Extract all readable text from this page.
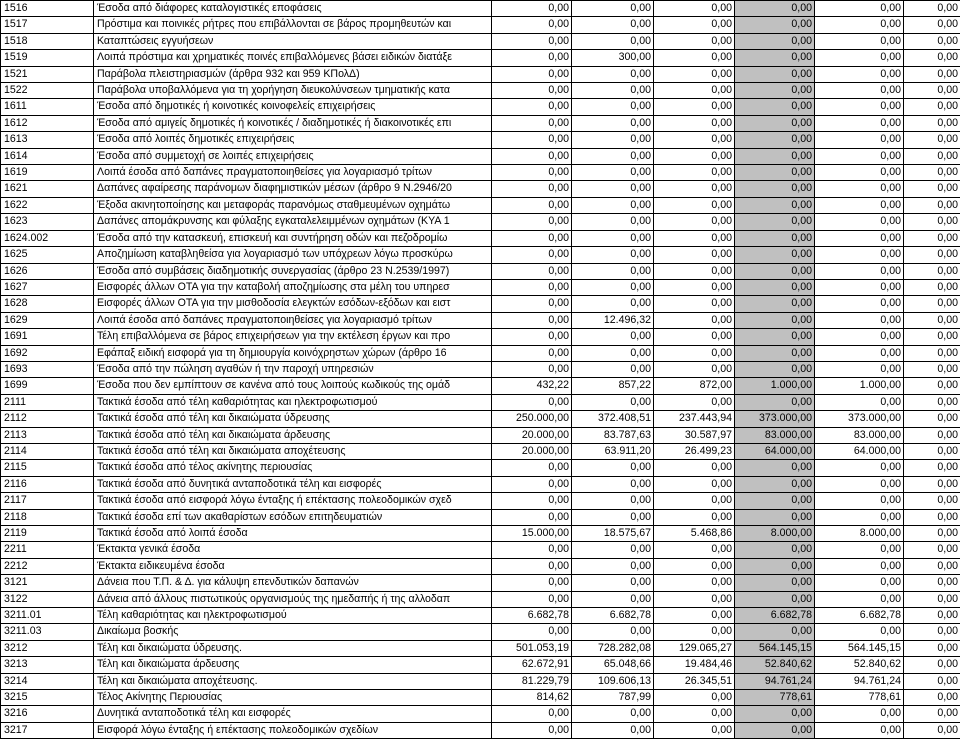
1516	Έσοδα από διάφορες καταλογιστικές εποφάσεις	0,00	0,00	0,00	0,00	0,00	0,00
1517	Πρόστιμα και ποινικές ρήτρες που επιβάλλονται σε βάρος προμηθευτών και	0,00	0,00	0,00	0,00	0,00	0,00
1518	Καταπτώσεις εγγυήσεων	0,00	0,00	0,00	0,00	0,00	0,00
1519	Λοιπά πρόστιμα και χρηματικές ποινές επιβαλλόμενες βάσει ειδικών διατάξε	0,00	300,00	0,00	0,00	0,00	0,00
1521	Παράβολα πλειστηριασμών (άρθρα 932 και 959 ΚΠολΔ)	0,00	0,00	0,00	0,00	0,00	0,00
1522	Παράβολα υποβαλλόμενα για τη χορήγηση διευκολύνσεων τμηματικής κατα	0,00	0,00	0,00	0,00	0,00	0,00
1611	Έσοδα από δημοτικές ή κοινοτικές κοινοφελείς επιχειρήσεις	0,00	0,00	0,00	0,00	0,00	0,00
1612	Έσοδα από αμιγείς δημοτικές ή κοινοτικές / διαδημοτικές ή διακοινοτικές επι	0,00	0,00	0,00	0,00	0,00	0,00
1613	Έσοδα από λοιπές δημοτικές επιχειρήσεις	0,00	0,00	0,00	0,00	0,00	0,00
1614	Έσοδα από συμμετοχή σε λοιπές επιχειρήσεις	0,00	0,00	0,00	0,00	0,00	0,00
1619	Λοιπά έσοδα από δαπάνες πραγματοποιηθείσες για λογαριασμό τρίτων	0,00	0,00	0,00	0,00	0,00	0,00
1621	Δαπάνες αφαίρεσης παράνομων διαφημιστικών μέσων (άρθρο 9 Ν.2946/20	0,00	0,00	0,00	0,00	0,00	0,00
1622	Έξοδα ακινητοποίησης και μεταφοράς παρανόμως σταθμευμένων οχημάτω	0,00	0,00	0,00	0,00	0,00	0,00
1623	Δαπάνες απομάκρυνσης και φύλαξης εγκαταλελειμμένων οχημάτων (ΚΥΑ 1	0,00	0,00	0,00	0,00	0,00	0,00
1624.002	Έσοδα από την κατασκευή, επισκευή και συντήρηση οδών και πεζοδρομίω	0,00	0,00	0,00	0,00	0,00	0,00
1625	Αποζημίωση καταβληθείσα για λογαριασμό των υπόχρεων λόγω προσκύρω	0,00	0,00	0,00	0,00	0,00	0,00
1626	Έσοδα από συμβάσεις διαδημοτικής συνεργασίας (άρθρο 23 Ν.2539/1997)	0,00	0,00	0,00	0,00	0,00	0,00
1627	Εισφορές άλλων ΟΤΑ για την καταβολή αποζημίωσης στα μέλη του υπηρεσ	0,00	0,00	0,00	0,00	0,00	0,00
1628	Εισφορές άλλων ΟΤΑ για την μισθοδοσία ελεγκτών εσόδων-εξόδων και ειστ	0,00	0,00	0,00	0,00	0,00	0,00
1629	Λοιπά έσοδα από δαπάνες πραγματοποιηθείσες για λογαριασμό τρίτων	0,00	12.496,32	0,00	0,00	0,00	0,00
1691	Τέλη επιβαλλόμενα σε βάρος επιχειρήσεων για την εκτέλεση έργων και προ	0,00	0,00	0,00	0,00	0,00	0,00
1692	Εφάπαξ ειδική εισφορά για τη δημιουργία κοινόχρηστων χώρων (άρθρο 16	0,00	0,00	0,00	0,00	0,00	0,00
1693	Έσοδα από την πώληση αγαθών ή την παροχή υπηρεσιών	0,00	0,00	0,00	0,00	0,00	0,00
1699	Έσοδα που δεν εμπίπτουν σε κανένα από τους λοιπούς κωδικούς της ομάδ	432,22	857,22	872,00	1.000,00	1.000,00	0,00
2111	Τακτικά έσοδα από τέλη καθαριότητας και ηλεκτροφωτισμού	0,00	0,00	0,00	0,00	0,00	0,00
2112	Τακτικά έσοδα από τέλη και δικαιώματα ύδρευσης	250.000,00	372.408,51	237.443,94	373.000,00	373.000,00	0,00
2113	Τακτικά έσοδα από τέλη και δικαιώματα άρδευσης	20.000,00	83.787,63	30.587,97	83.000,00	83.000,00	0,00
2114	Τακτικά έσοδα από τέλη και δικαιώματα αποχέτευσης	20.000,00	63.911,20	26.499,23	64.000,00	64.000,00	0,00
2115	Τακτικά έσοδα από τέλος ακίνητης περιουσίας	0,00	0,00	0,00	0,00	0,00	0,00
2116	Τακτικά έσοδα από δυνητικά ανταποδοτικά τέλη και εισφορές	0,00	0,00	0,00	0,00	0,00	0,00
2117	Τακτικά έσοδα από εισφορά λόγω ένταξης ή επέκτασης πολεοδομικών σχεδ	0,00	0,00	0,00	0,00	0,00	0,00
2118	Τακτικά έσοδα επί των ακαθαρίστων εσόδων επιτηδευματιών	0,00	0,00	0,00	0,00	0,00	0,00
2119	Τακτικά έσοδα από λοιπά έσοδα	15.000,00	18.575,67	5.468,86	8.000,00	8.000,00	0,00
2211	Έκτακτα γενικά έσοδα	0,00	0,00	0,00	0,00	0,00	0,00
2212	Έκτακτα ειδικευμένα έσοδα	0,00	0,00	0,00	0,00	0,00	0,00
3121	Δάνεια που Τ.Π. & Δ. για κάλυψη επενδυτικών δαπανών	0,00	0,00	0,00	0,00	0,00	0,00
3122	Δάνεια από άλλους πιστωτικούς οργανισμούς της ημεδαπής ή της αλλοδαπ	0,00	0,00	0,00	0,00	0,00	0,00
3211.01	Τέλη καθαριότητας και ηλεκτροφωτισμού	6.682,78	6.682,78	0,00	6.682,78	6.682,78	0,00
3211.03	Δικαίωμα βοσκής	0,00	0,00	0,00	0,00	0,00	0,00
3212	Τέλη και δικαιώματα ύδρευσης.	501.053,19	728.282,08	129.065,27	564.145,15	564.145,15	0,00
3213	Τέλη και δικαιώματα άρδευσης	62.672,91	65.048,66	19.484,46	52.840,62	52.840,62	0,00
3214	Τέλη και δικαιώματα αποχέτευσης.	81.229,79	109.606,13	26.345,51	94.761,24	94.761,24	0,00
3215	Τέλος Ακίνητης Περιουσίας	814,62	787,99	0,00	778,61	778,61	0,00
3216	Δυνητικά ανταποδοτικά τέλη και εισφορές	0,00	0,00	0,00	0,00	0,00	0,00
3217	Εισφορά λόγω ένταξης ή επέκτασης πολεοδομικών σχεδίων	0,00	0,00	0,00	0,00	0,00	0,00
